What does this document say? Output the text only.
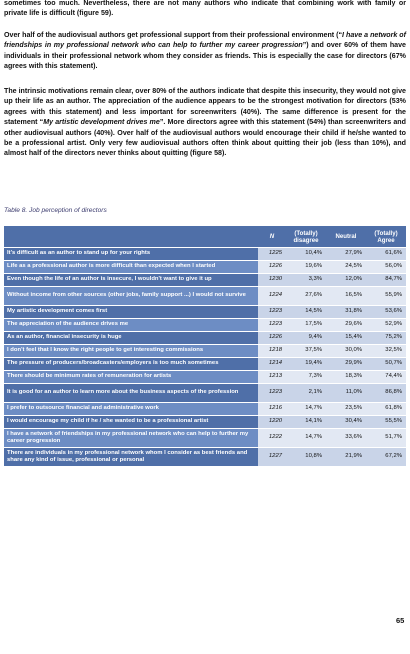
sometimes too much. Nevertheless, there are not many authors who indicate that combining work with family or private life is difficult (figure 59).

Over half of the audiovisual authors get professional support from their professional environment (“I have a network of friendships in my professional network who can help to further my career progression”) and over 60% of them have individuals in their professional network whom they consider as friends. This is especially the case for directors (67% agrees with this statement).

The intrinsic motivations remain clear, over 80% of the authors indicate that despite this insecurity, they would not give up their life as an author. The appreciation of the audience appears to be the strongest motivation for directors (53% agrees with this statement) and less important for screenwriters (40%). The same difference is present for the statement “My artistic development drives me”. More directors agree with this statement (54%) than screenwriters and other audiovisual authors (40%). Over half of the audiovisual authors would encourage their child if he/she wanted to be a professional artist. Only very few audiovisual authors often think about quitting their job (less than 10%), and almost half of the directors never thinks about quitting (figure 58).

Table 8. Job perception of directors

	N	(Totally) disagree	Neutral	(Totally) Agree
It's difficult as an author to stand up for your rights	1225	10,4%	27,9%	61,6%
Life as a professional author is more difficult than expected when I started	1226	19,6%	24,5%	56,0%
Even though the life of an author is insecure, I wouldn't want to give it up	1230	3,3%	12,0%	84,7%
Without income from other sources (other jobs, family support ...) I would not survive	1224	27,6%	16,5%	55,9%
My artistic development comes first	1223	14,5%	31,8%	53,6%
The appreciation of the audience drives me	1223	17,5%	29,6%	52,9%
As an author, financial insecurity is huge	1226	9,4%	15,4%	75,2%
I don't feel that I know the right people to get interesting commissions	1218	37,5%	30,0%	32,5%
The pressure of producers/broadcasters/employers is too much sometimes	1214	19,4%	29,9%	50,7%
There should be minimum rates of remuneration for artists	1213	7,3%	18,3%	74,4%
It is good for an author to learn more about the business aspects of the profession	1223	2,1%	11,0%	86,8%
I prefer to outsource financial and administrative work	1216	14,7%	23,5%	61,8%
I would encourage my child if he / she wanted to be a professional artist	1220	14,1%	30,4%	55,5%
I have a network of friendships in my professional network who can help to further my career progression	1222	14,7%	33,6%	51,7%
There are individuals in my professional network whom I consider as best friends and share any kind of issue, professional or personal	1227	10,8%	21,9%	67,2%

65
